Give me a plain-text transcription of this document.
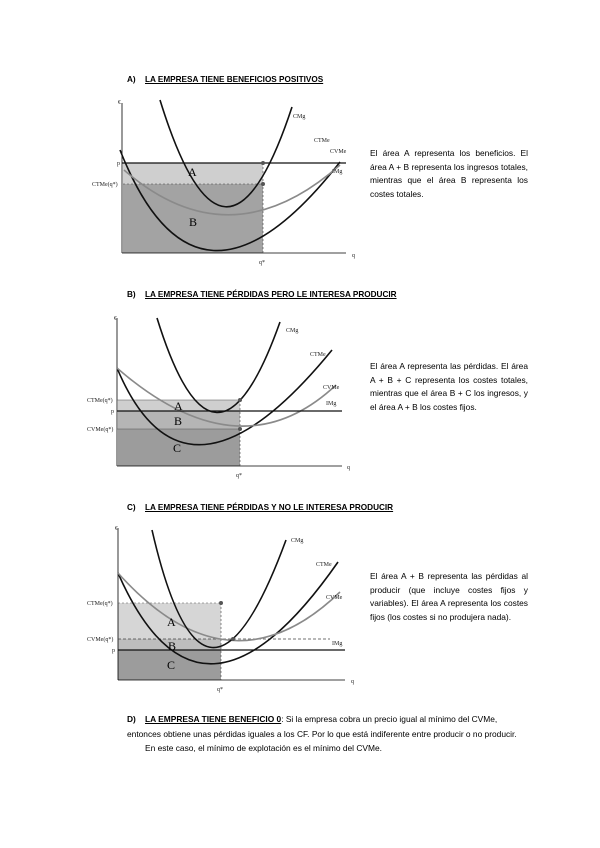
A) LA EMPRESA TIENE BENEFICIOS POSITIVOS
€
q
p
CTMe(q*)
q*
CMg
CTMe
CVMe
IMg
A
B
El área A representa los beneficios. El área A + B representa los ingresos totales, mientras que el área B representa los costes totales.
B) LA EMPRESA TIENE PÉRDIDAS PERO LE INTERESA PRODUCIR
€
q
CTMe(q*)
p
CVMe(q*)
q*
CMg
CTMe
CVMe
IMg
A
B
C
El área A representa las pérdidas. El área A + B + C representa los costes totales, mientras que el área B + C los ingresos, y el área A + B los costes fijos.
C) LA EMPRESA TIENE PÉRDIDAS Y NO LE INTERESA PRODUCIR
€
q
CTMe(q*)
CVMe(q*)
p
q*
CMg
CTMe
CVMe
IMg
A
B
C
El área A + B representa las pérdidas al producir (que incluye costes fijos y variables). El área A representa los costes fijos (los costes si no produjera nada).
D) LA EMPRESA TIENE BENEFICIO 0: Si la empresa cobra un precio igual al mínimo del CVMe, entonces obtiene unas pérdidas iguales a los CF. Por lo que está indiferente entre producir o no producir.
En este caso, el mínimo de explotación es el mínimo del CVMe.
